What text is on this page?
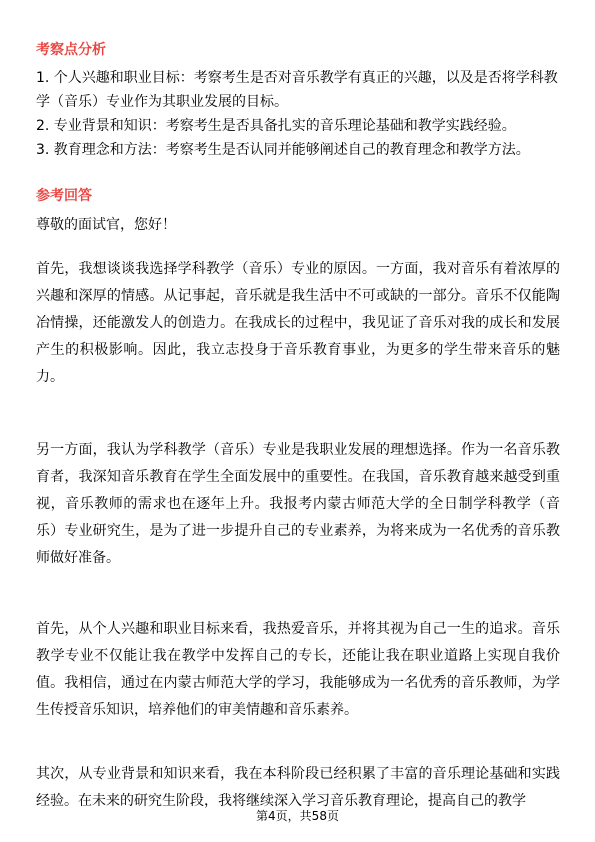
考察点分析

1. 个人兴趣和职业目标：考察考生是否对音乐教学有真正的兴趣，以及是否将学科教学（音乐）专业作为其职业发展的目标。

2. 专业背景和知识：考察考生是否具备扎实的音乐理论基础和教学实践经验。

3. 教育理念和方法：考察考生是否认同并能够阐述自己的教育理念和教学方法。

参考回答

尊敬的面试官，您好！

首先，我想谈谈我选择学科教学（音乐）专业的原因。一方面，我对音乐有着浓厚的兴趣和深厚的情感。从记事起，音乐就是我生活中不可或缺的一部分。音乐不仅能陶冶情操，还能激发人的创造力。在我成长的过程中，我见证了音乐对我的成长和发展产生的积极影响。因此，我立志投身于音乐教育事业，为更多的学生带来音乐的魅力。

另一方面，我认为学科教学（音乐）专业是我职业发展的理想选择。作为一名音乐教育者，我深知音乐教育在学生全面发展中的重要性。在我国，音乐教育越来越受到重视，音乐教师的需求也在逐年上升。我报考内蒙古师范大学的全日制学科教学（音乐）专业研究生，是为了进一步提升自己的专业素养，为将来成为一名优秀的音乐教师做好准备。

首先，从个人兴趣和职业目标来看，我热爱音乐，并将其视为自己一生的追求。音乐教学专业不仅能让我在教学中发挥自己的专长，还能让我在职业道路上实现自我价值。我相信，通过在内蒙古师范大学的学习，我能够成为一名优秀的音乐教师，为学生传授音乐知识，培养他们的审美情趣和音乐素养。

其次，从专业背景和知识来看，我在本科阶段已经积累了丰富的音乐理论基础和实践经验。在未来的研究生阶段，我将继续深入学习音乐教育理论，提高自己的教学

第4页，共58页
